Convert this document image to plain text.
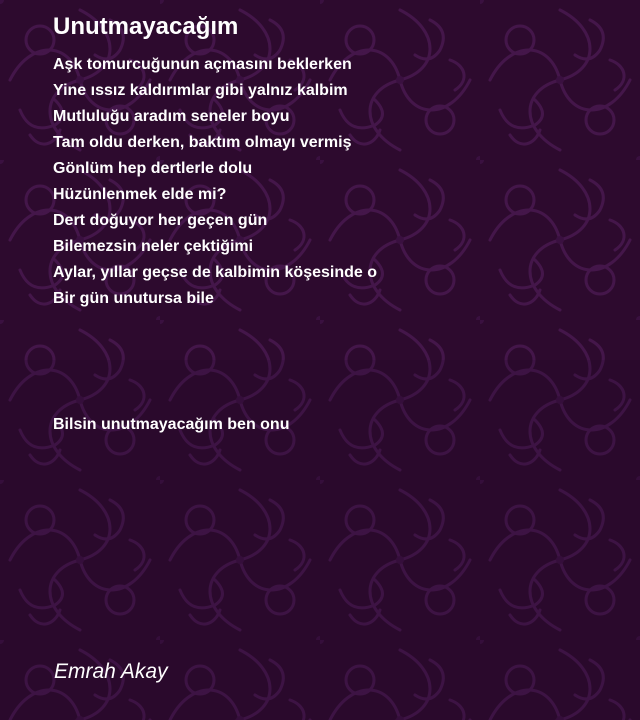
Unutmayacağım
Aşk tomurcuğunun açmasını beklerken
Yine ıssız kaldırımlar gibi yalnız kalbim
Mutluluğu aradım seneler boyu
Tam oldu derken, baktım olmayı vermiş
Gönlüm hep dertlerle dolu
Hüzünlenmek elde mi?
Dert doğuyor her geçen gün
Bilemezsin neler çektiğimi
Aylar, yıllar geçse de kalbimin köşesinde o
Bir gün unutursa bile
Bilsin unutmayacağım ben onu
Emrah Akay
